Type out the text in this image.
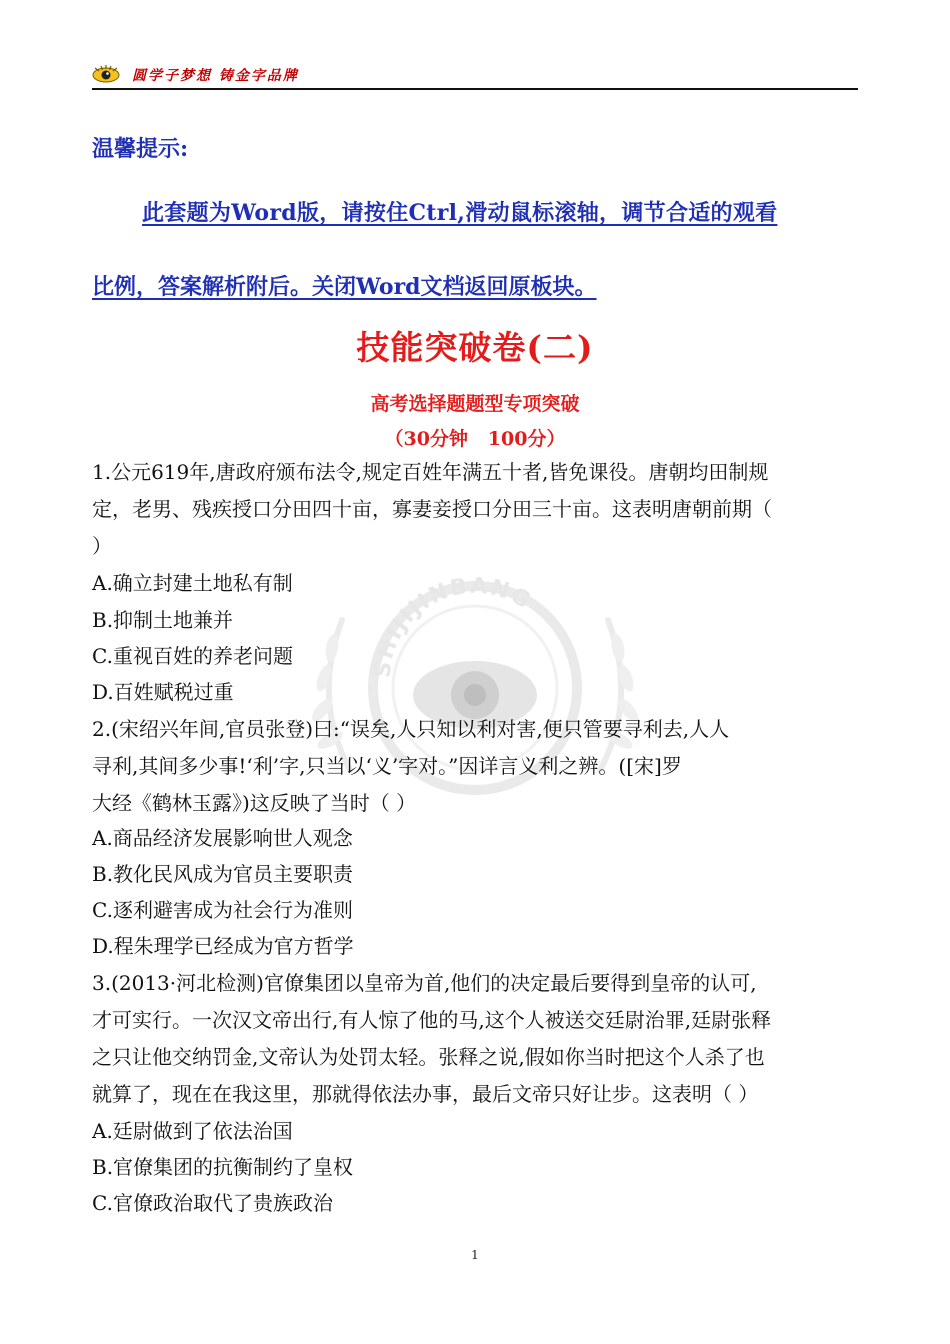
圆学子梦想 铸金字品牌
温馨提示:
此套题为Word版，请按住Ctrl,滑动鼠标滚轴，调节合适的观看
比例，答案解析附后。关闭Word文档返回原板块。
技能突破卷(二)
高考选择题题型专项突破
（30分钟   100分）
SHIJIJINBANG
1.公元619年,唐政府颁布法令,规定百姓年满五十者,皆免课役。唐朝均田制规
定，老男、残疾授口分田四十亩，寡妻妾授口分田三十亩。这表明唐朝前期（
）
A.确立封建土地私有制
B.抑制土地兼并
C.重视百姓的养老问题
D.百姓赋税过重
2.(宋绍兴年间,官员张登)曰:“误矣,人只知以利对害,便只管要寻利去,人人
寻利,其间多少事!‘利’字,只当以‘义’字对。”因详言义利之辨。([宋]罗
大经《鹤林玉露》)这反映了当时（ ）
A.商品经济发展影响世人观念
B.教化民风成为官员主要职责
C.逐利避害成为社会行为准则
D.程朱理学已经成为官方哲学
3.(2013·河北检测)官僚集团以皇帝为首,他们的决定最后要得到皇帝的认可,
才可实行。一次汉文帝出行,有人惊了他的马,这个人被送交廷尉治罪,廷尉张释
之只让他交纳罚金,文帝认为处罚太轻。张释之说,假如你当时把这个人杀了也
就算了，现在在我这里，那就得依法办事，最后文帝只好让步。这表明（ ）
A.廷尉做到了依法治国
B.官僚集团的抗衡制约了皇权
C.官僚政治取代了贵族政治
1
